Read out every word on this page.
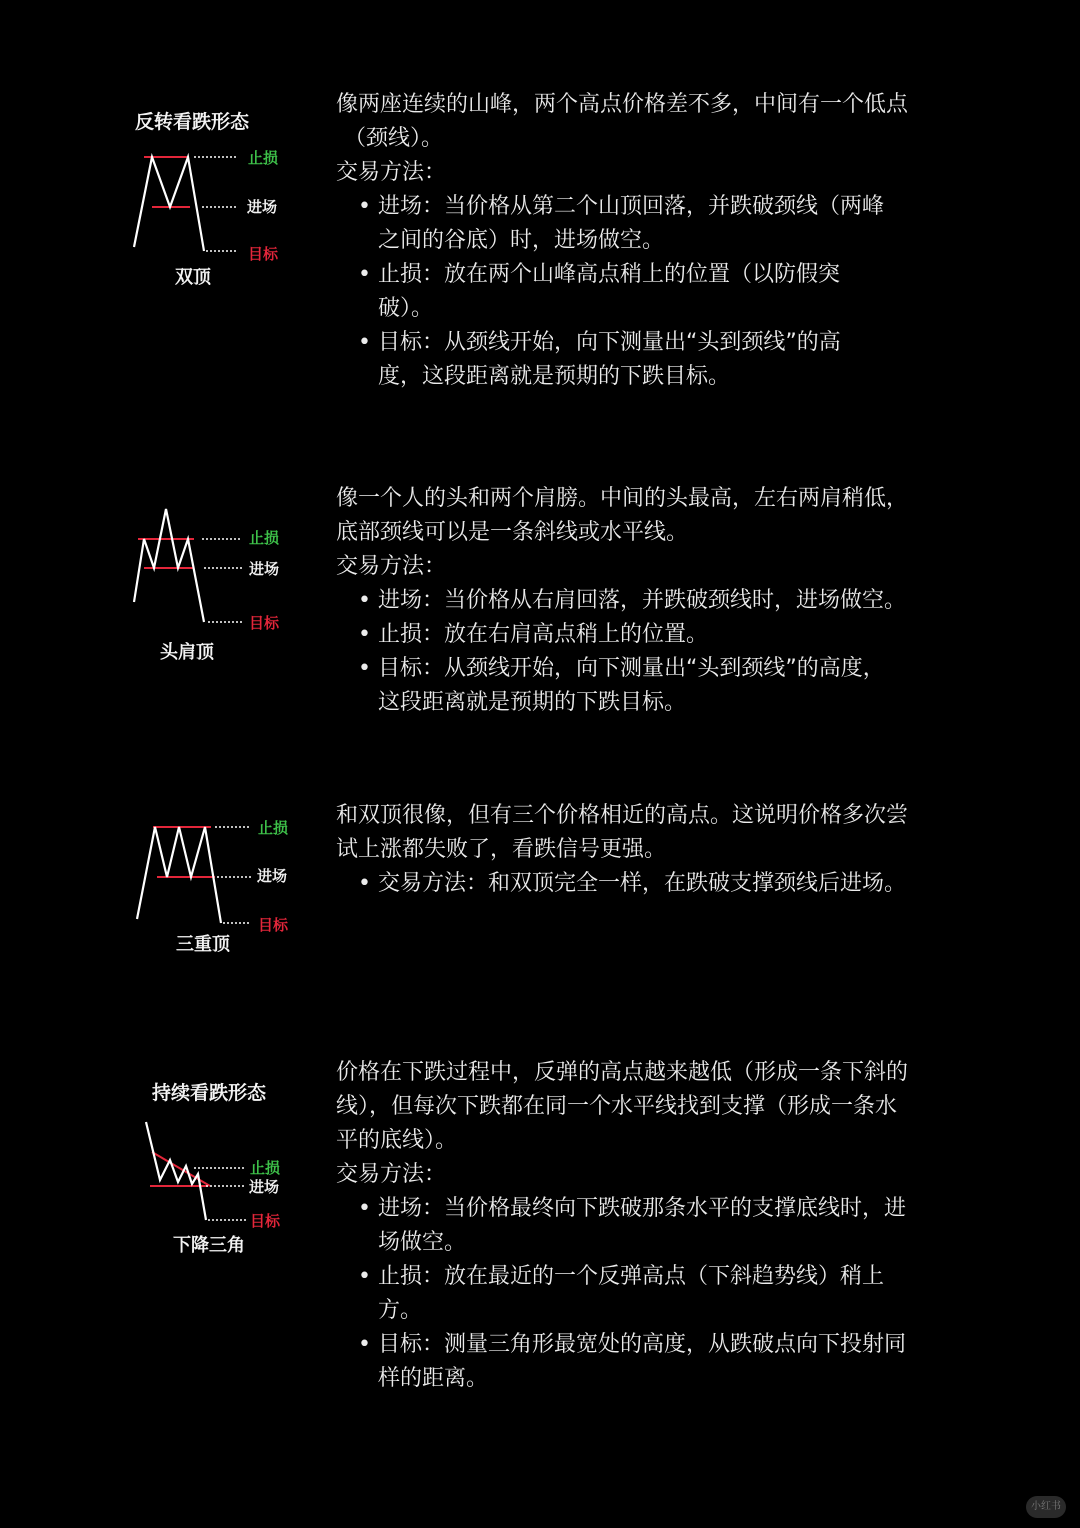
反转看跌形态
止损
进场
目标
双顶

像两座连续的山峰，两个高点价格差不多，中间有一个低点

（颈线）。

交易方法：

• 进场：当价格从第二个山顶回落，并跌破颈线（两峰
之间的谷底）时，进场做空。
• 止损：放在两个山峰高点稍上的位置（以防假突
破）。
• 目标：从颈线开始，向下测量出“头到颈线”的高
度，这段距离就是预期的下跌目标。
止损
进场
目标
头肩顶

像一个人的头和两个肩膀。中间的头最高，左右两肩稍低，

底部颈线可以是一条斜线或水平线。

交易方法：

• 进场：当价格从右肩回落，并跌破颈线时，进场做空。
• 止损：放在右肩高点稍上的位置。
• 目标：从颈线开始，向下测量出“头到颈线”的高度，
这段距离就是预期的下跌目标。
止损
进场
目标
三重顶

和双顶很像，但有三个价格相近的高点。这说明价格多次尝

试上涨都失败了，看跌信号更强。

• 交易方法：和双顶完全一样，在跌破支撑颈线后进场。
持续看跌形态
止损
进场
目标
下降三角

价格在下跌过程中，反弹的高点越来越低（形成一条下斜的

线），但每次下跌都在同一个水平线找到支撑（形成一条水

平的底线）。

交易方法：

• 进场：当价格最终向下跌破那条水平的支撑底线时，进
场做空。
• 止损：放在最近的一个反弹高点（下斜趋势线）稍上
方。
• 目标：测量三角形最宽处的高度，从跌破点向下投射同
样的距离。
小红书
